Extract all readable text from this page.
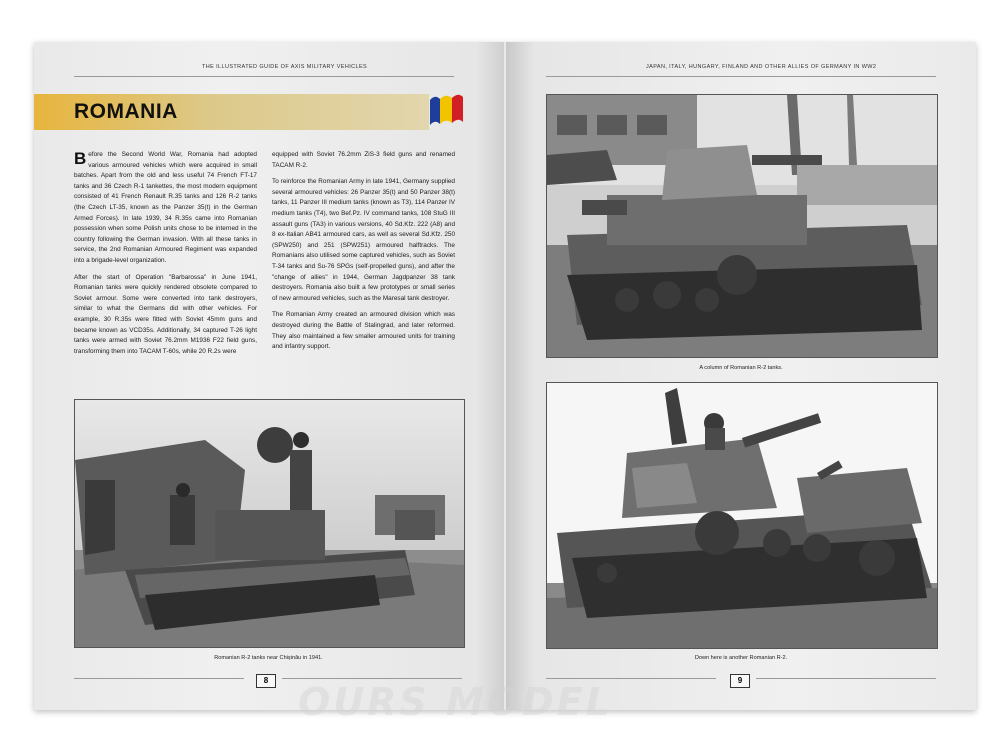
THE ILLUSTRATED GUIDE OF AXIS MILITARY VEHICLES
ROMANIA

Before the Second World War, Romania had adopted various armoured vehicles which were acquired in small batches. Apart from the old and less useful 74 French FT-17 tanks and 36 Czech R-1 tankettes, the most modern equipment consisted of 41 French Renault R.35 tanks and 126 R-2 tanks (the Czech LT-35, known as the Panzer 35(t) in the German Armed Forces). In late 1939, 34 R.35s came into Romanian possession when some Polish units chose to be interned in the country following the German invasion. With all these tanks in service, the 2nd Romanian Armoured Regiment was expanded into a brigade-level organization.

After the start of Operation "Barbarossa" in June 1941, Romanian tanks were quickly rendered obsolete compared to Soviet armour. Some were converted into tank destroyers, similar to what the Germans did with other vehicles. For example, 30 R.35s were fitted with Soviet 45mm guns and became known as VCD35s. Additionally, 34 captured T-26 light tanks were armed with Soviet 76.2mm M1936 F22 field guns, transforming them into TACAM T-60s, while 20 R.2s were

equipped with Soviet 76.2mm ZiS-3 field guns and renamed TACAM R-2.

To reinforce the Romanian Army in late 1941, Germany supplied several armoured vehicles: 26 Panzer 35(t) and 50 Panzer 38(t) tanks, 11 Panzer III medium tanks (known as T3), 114 Panzer IV medium tanks (T4), two Bef.Pz. IV command tanks, 108 StuG III assault guns (TA3) in various versions, 40 Sd.Kfz. 222 (A8) and 8 ex-Italian AB41 armoured cars, as well as several Sd.Kfz. 250 (SPW250) and 251 (SPW251) armoured halftracks. The Romanians also utilised some captured vehicles, such as Soviet T-34 tanks and Su-76 SPGs (self-propelled guns), and after the "change of allies" in 1944, German Jagdpanzer 38 tank destroyers. Romania also built a few prototypes or small series of new armoured vehicles, such as the Maresal tank destroyer.

The Romanian Army created an armoured division which was destroyed during the Battle of Stalingrad, and later reformed. They also maintained a few smaller armoured units for training and infantry support.

Romanian R-2 tanks near Chișinău in 1941.
8
JAPAN, ITALY, HUNGARY, FINLAND AND OTHER ALLIES OF GERMANY IN WW2
A column of Romanian R-2 tanks.
Down here is another Romanian R-2.
9
OURS MODEL
